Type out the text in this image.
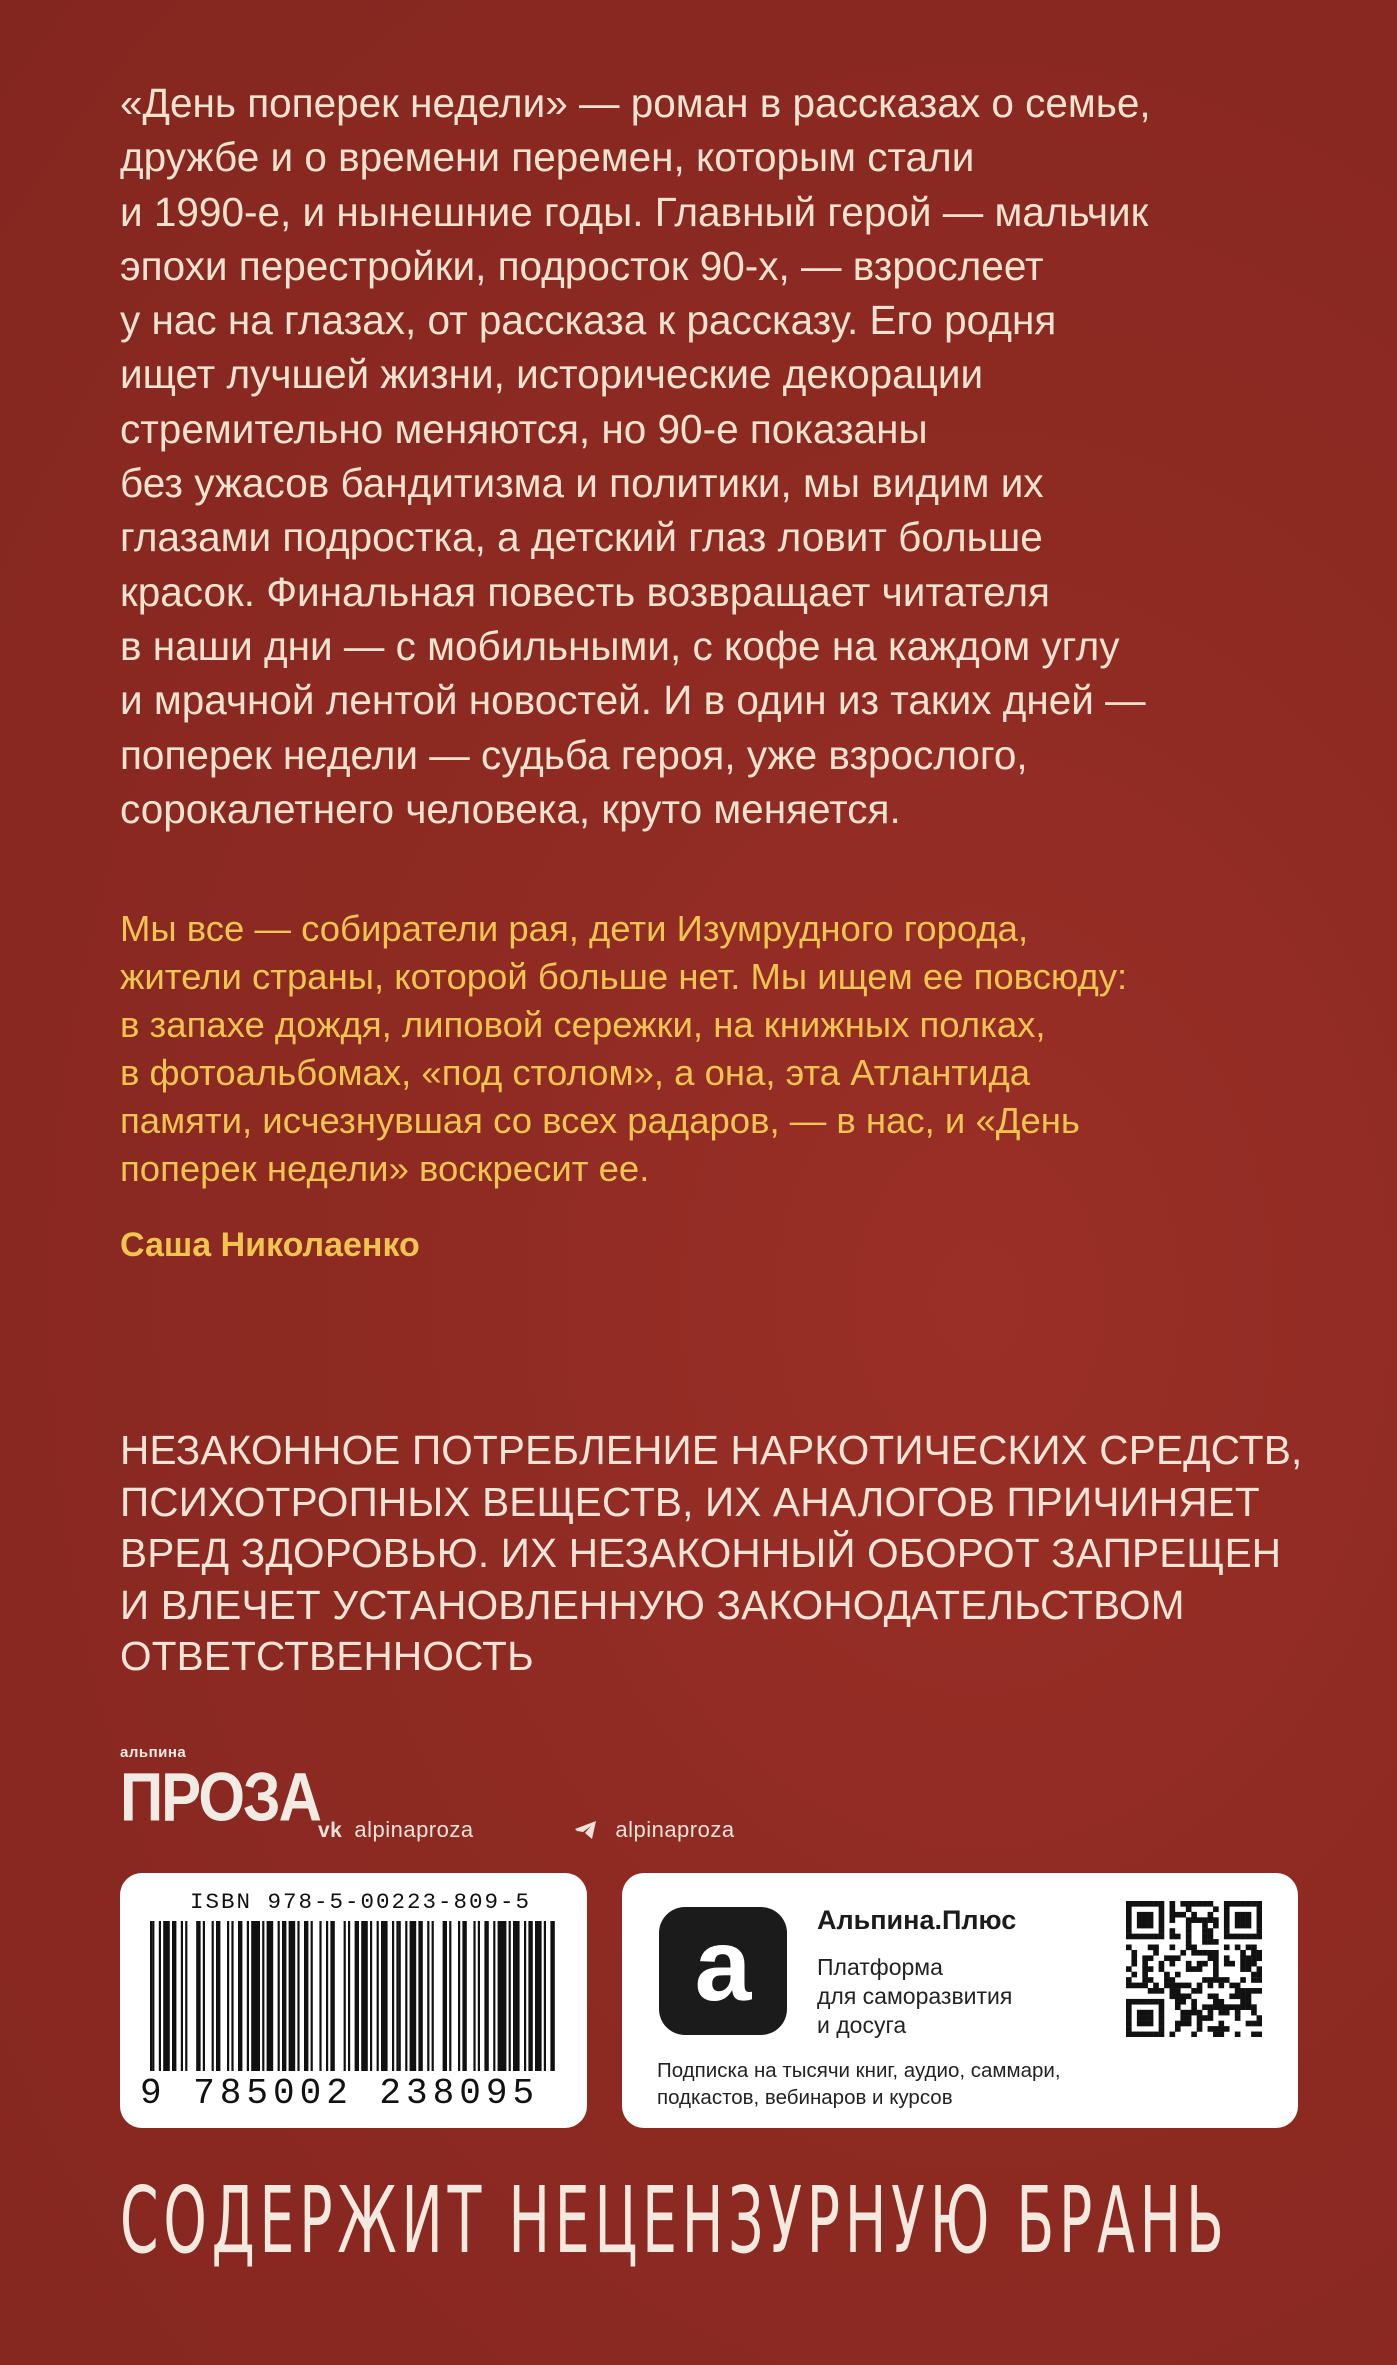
«День поперек недели» — роман в рассказах о семье,
дружбе и о времени перемен, которым стали
и 1990-е, и нынешние годы. Главный герой — мальчик
эпохи перестройки, подросток 90-х, — взрослеет
у нас на глазах, от рассказа к рассказу. Его родня
ищет лучшей жизни, исторические декорации
стремительно меняются, но 90-е показаны
без ужасов бандитизма и политики, мы видим их
глазами подростка, а детский глаз ловит больше
красок. Финальная повесть возвращает читателя
в наши дни — с мобильными, с кофе на каждом углу
и мрачной лентой новостей. И в один из таких дней —
поперек недели — судьба героя, уже взрослого,
сорокалетнего человека, круто меняется.
Мы все — собиратели рая, дети Изумрудного города,
жители страны, которой больше нет. Мы ищем ее повсюду:
в запахе дождя, липовой сережки, на книжных полках,
в фотоальбомах, «под столом», а она, эта Атлантида
памяти, исчезнувшая со всех радаров, — в нас, и «День
поперек недели» воскресит ее.
Саша Николаенко
НЕЗАКОННОЕ ПОТРЕБЛЕНИЕ НАРКОТИЧЕСКИХ СРЕДСТВ,
ПСИХОТРОПНЫХ ВЕЩЕСТВ, ИХ АНАЛОГОВ ПРИЧИНЯЕТ
ВРЕД ЗДОРОВЬЮ. ИХ НЕЗАКОННЫЙ ОБОРОТ ЗАПРЕЩЕН
И ВЛЕЧЕТ УСТАНОВЛЕННУЮ ЗАКОНОДАТЕЛЬСТВОМ
ОТВЕТСТВЕННОСТЬ
альпина
ПРОЗА
vk alpinaproza	alpinaproza
ISBN 978-5-00223-809-5
9 785002 238095
a	Альпина.Плюс
Платформа
для саморазвития
и досуга
Подписка на тысячи книг, аудио, саммари,
подкастов, вебинаров и курсов
СОДЕРЖИТ НЕЦЕНЗУРНУЮ БРАНЬ
